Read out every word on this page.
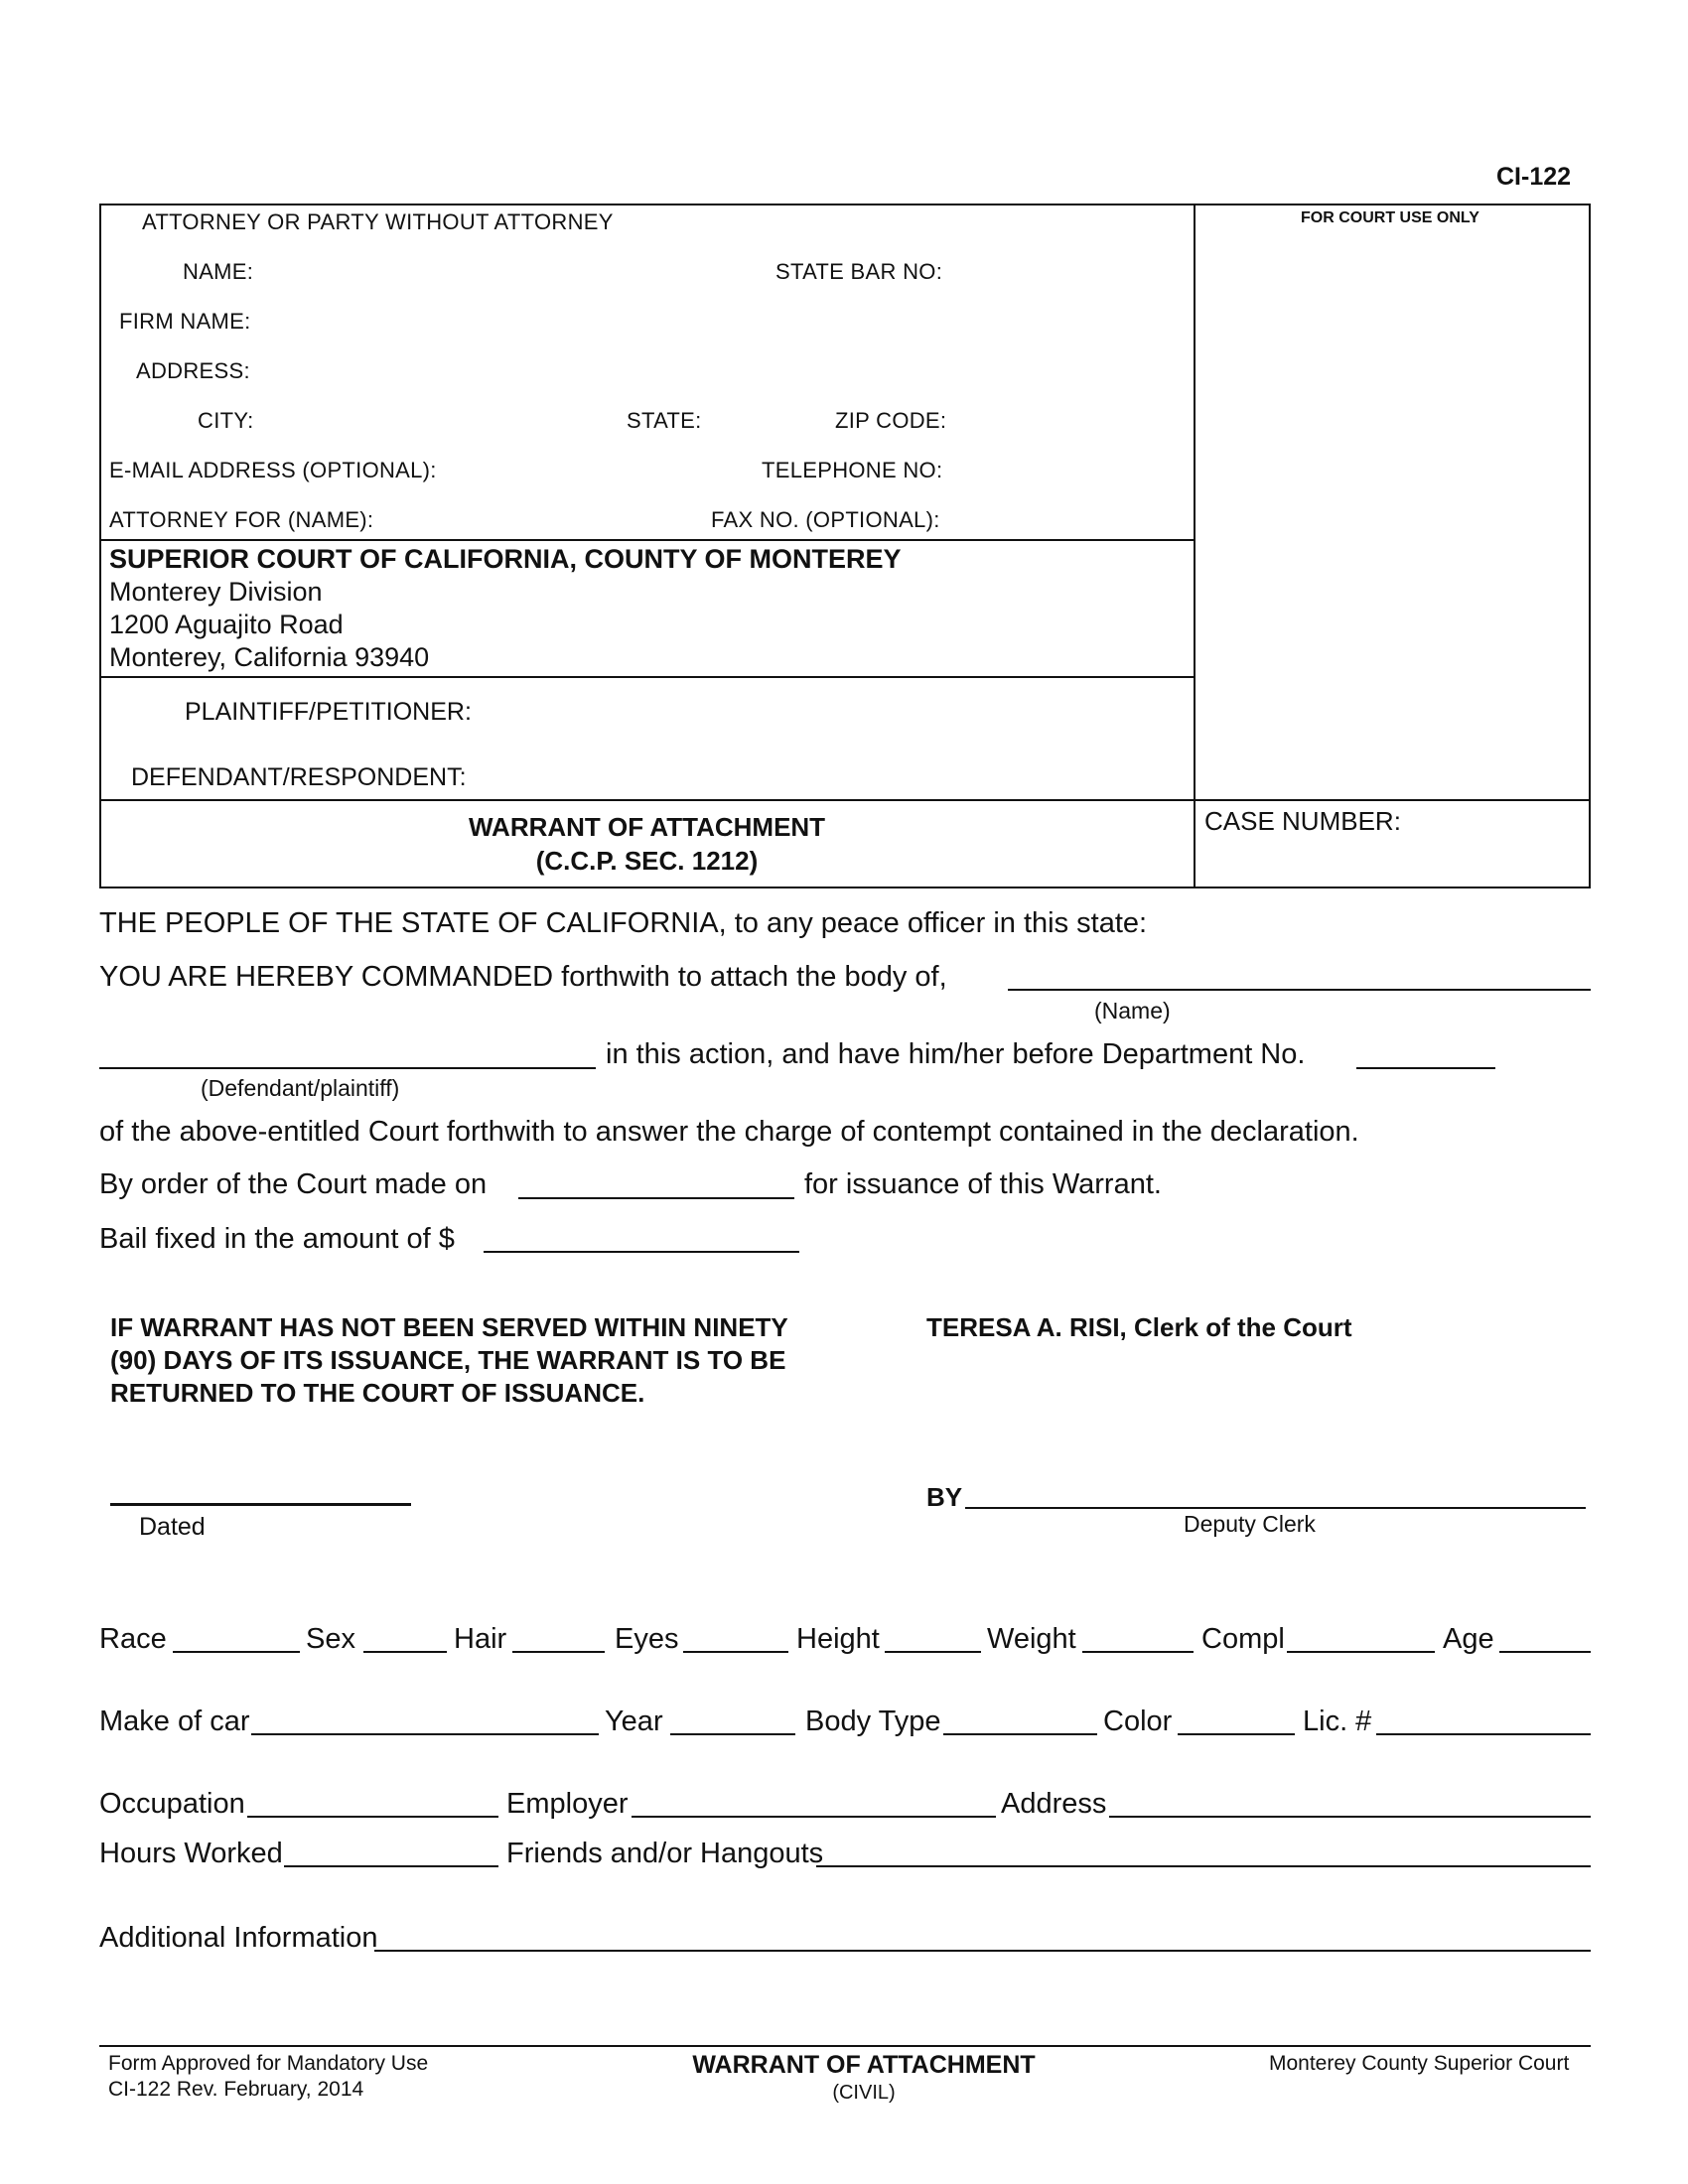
CI-122
ATTORNEY OR PARTY WITHOUT ATTORNEY
NAME:	STATE BAR NO:
FIRM NAME:
ADDRESS:
CITY:	STATE:	ZIP CODE:
E-MAIL ADDRESS (OPTIONAL):	TELEPHONE NO:
ATTORNEY FOR (NAME):	FAX NO. (OPTIONAL):
FOR COURT USE ONLY
SUPERIOR COURT OF CALIFORNIA, COUNTY OF MONTEREY
Monterey Division
1200 Aguajito Road
Monterey, California 93940
PLAINTIFF/PETITIONER:
DEFENDANT/RESPONDENT:
WARRANT OF ATTACHMENT
(C.C.P. SEC. 1212)
CASE NUMBER:
THE PEOPLE OF THE STATE OF CALIFORNIA, to any peace officer in this state:
YOU ARE HEREBY COMMANDED forthwith to attach the body of,
(Name)
in this action, and have him/her before Department No.
(Defendant/plaintiff)
of the above-entitled Court forthwith to answer the charge of contempt contained in the declaration.
By order of the Court made on	for issuance of this Warrant.
Bail fixed in the amount of $
IF WARRANT HAS NOT BEEN SERVED WITHIN NINETY
(90) DAYS OF ITS ISSUANCE, THE WARRANT IS TO BE
RETURNED TO THE COURT OF ISSUANCE.
TERESA A. RISI, Clerk of the Court
Dated
BY
Deputy Clerk
Race	Sex	Hair	Eyes	Height	Weight	Compl	Age
Make of car	Year	Body Type	Color	Lic. #
Occupation	Employer	Address
Hours Worked	Friends and/or Hangouts
Additional Information
Form Approved for Mandatory Use
CI-122 Rev. February, 2014
WARRANT OF ATTACHMENT
(CIVIL)
Monterey County Superior Court
